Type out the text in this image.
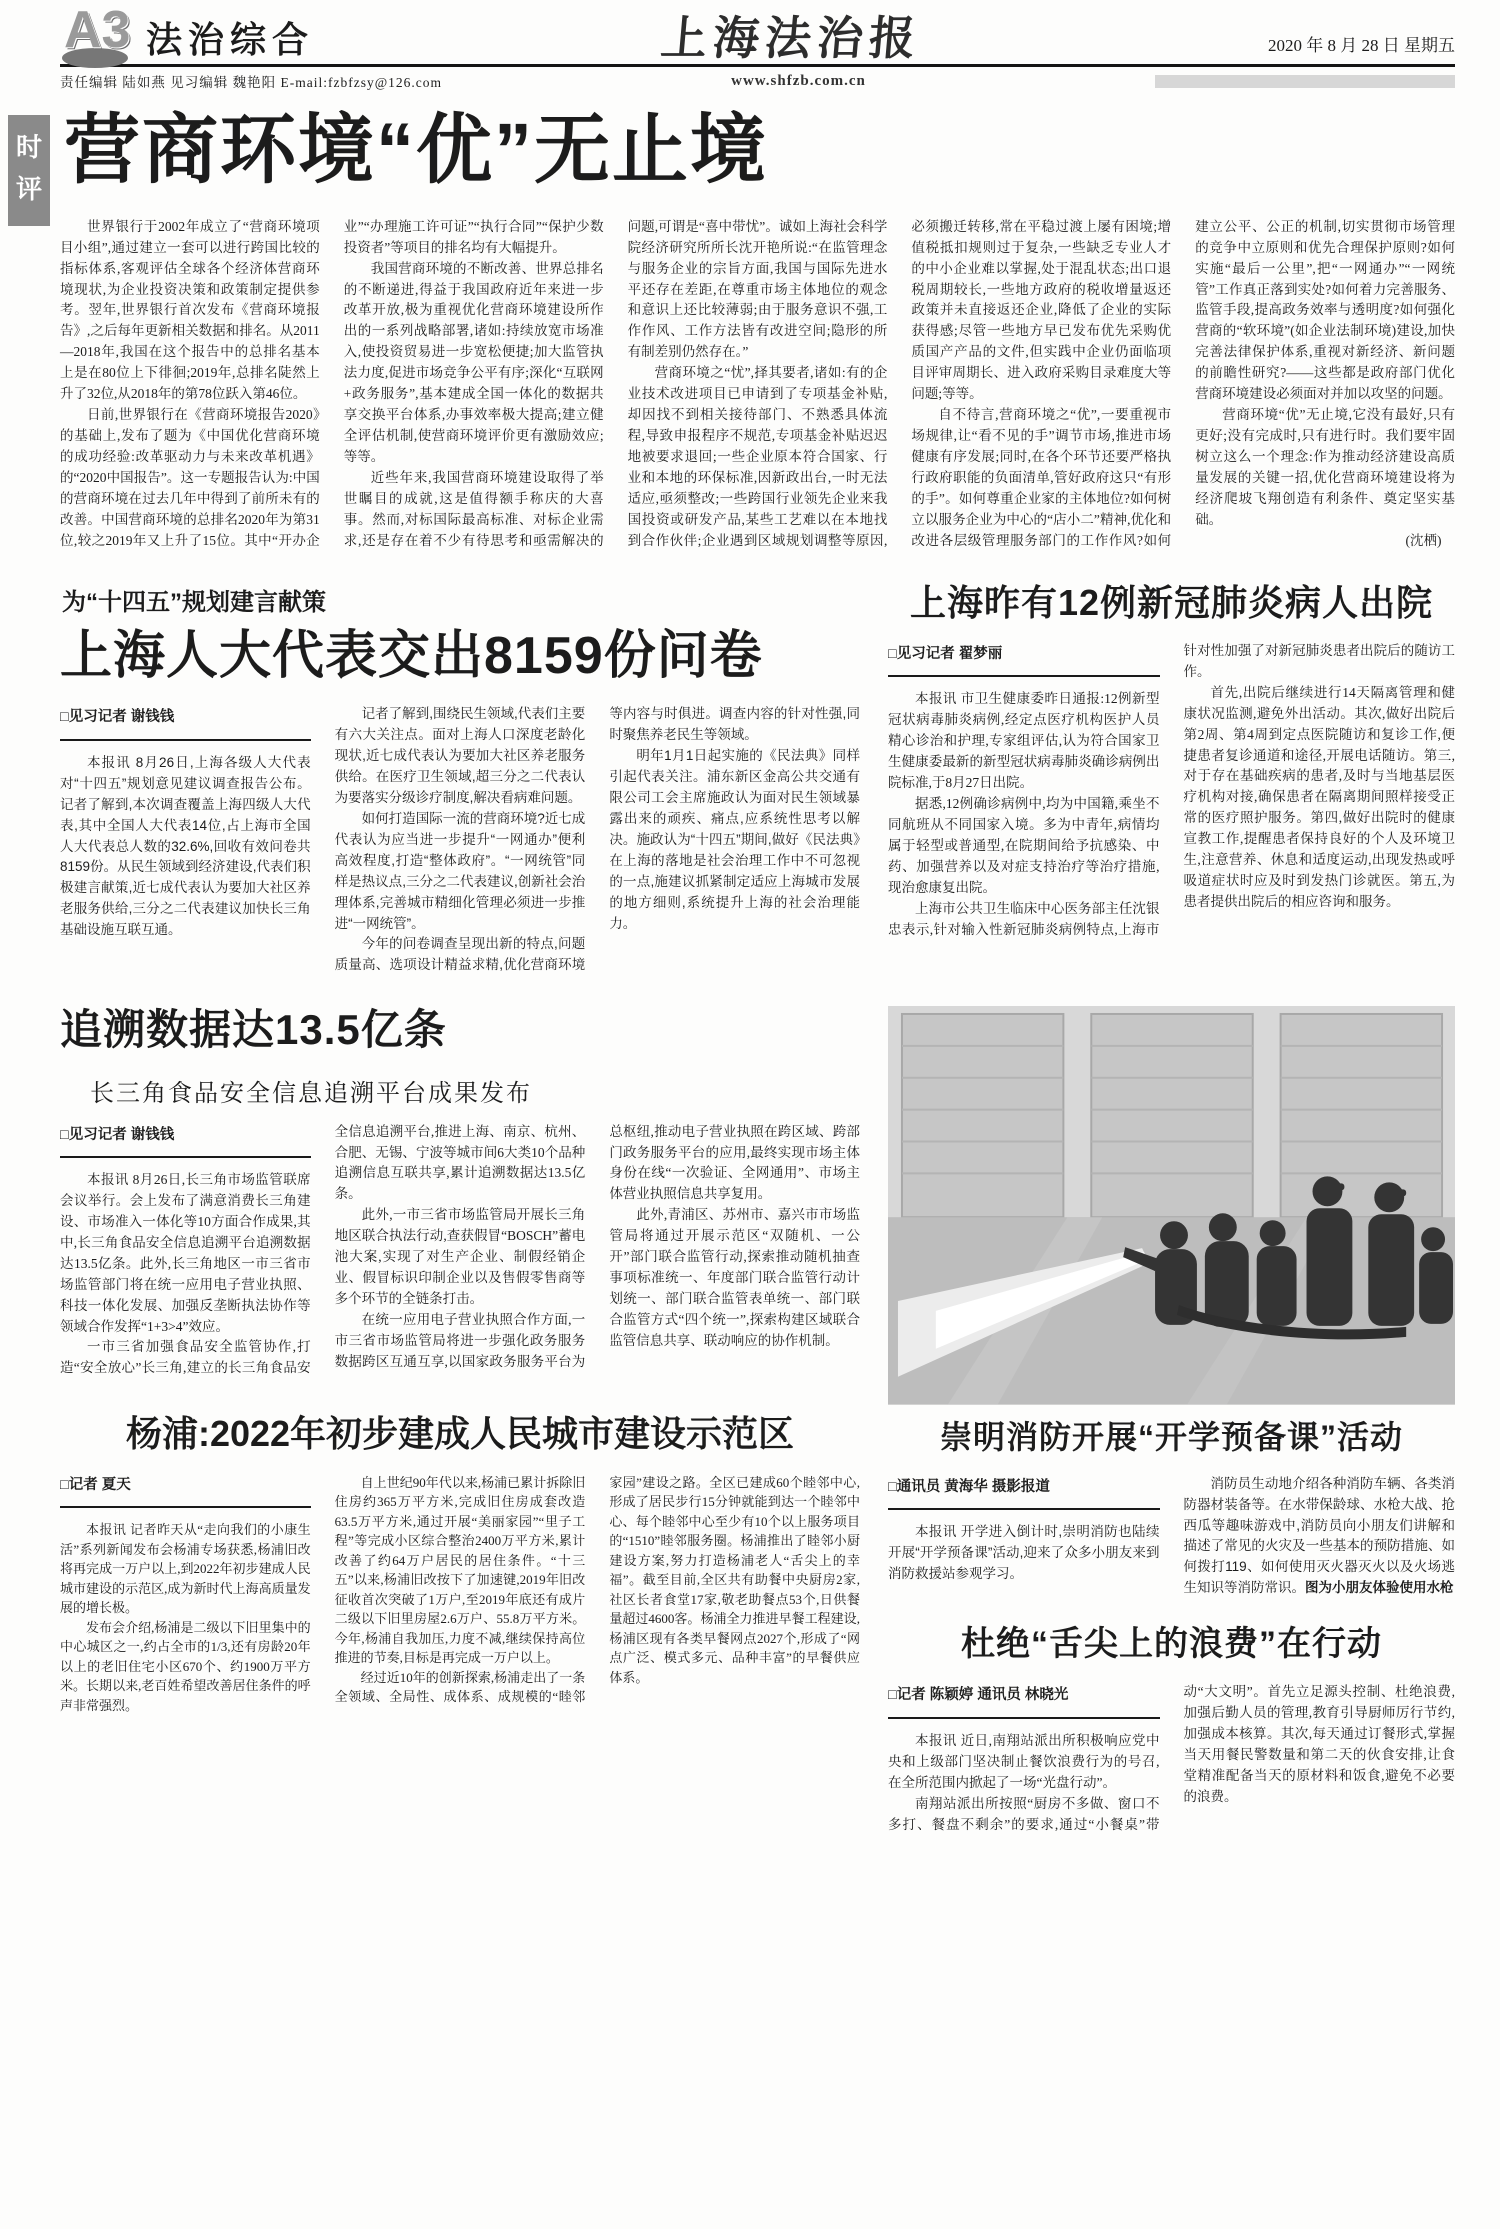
A3 法治综合	上海法治报	2020 年 8 月 28 日 星期五
责任编辑 陆如燕 见习编辑 魏艳阳 E-mail:fzbfzsy@126.com	www.shfzb.com.cn
时评 营商环境“优”无止境

世界银行于2002年成立了“营商环境项目小组”,通过建立一套可以进行跨国比较的指标体系,客观评估全球各个经济体营商环境现状,为企业投资决策和政策制定提供参考。翌年,世界银行首次发布《营商环境报告》,之后每年更新相关数据和排名。从2011—2018年,我国在这个报告中的总排名基本上是在80位上下徘徊;2019年,总排名陡然上升了32位,从2018年的第78位跃入第46位。

日前,世界银行在《营商环境报告2020》的基础上,发布了题为《中国优化营商环境的成功经验:改革驱动力与未来改革机遇》的“2020中国报告”。这一专题报告认为:中国的营商环境在过去几年中得到了前所未有的改善。中国营商环境的总排名2020年为第31位,较之2019年又上升了15位。其中“开办企业”“办理施工许可证”“执行合同”“保护少数投资者”等项目的排名均有大幅提升。

我国营商环境的不断改善、世界总排名的不断递进,得益于我国政府近年来进一步改革开放,极为重视优化营商环境建设所作出的一系列战略部署,诸如:持续放宽市场准入,使投资贸易进一步宽松便捷;加大监管执法力度,促进市场竞争公平有序;深化“互联网+政务服务”,基本建成全国一体化的数据共享交换平台体系,办事效率极大提高;建立健全评估机制,使营商环境评价更有激励效应;等等。

近些年来,我国营商环境建设取得了举世瞩目的成就,这是值得额手称庆的大喜事。然而,对标国际最高标准、对标企业需求,还是存在着不少有待思考和亟需解决的问题,可谓是“喜中带忧”。诚如上海社会科学院经济研究所所长沈开艳所说:“在监管理念与服务企业的宗旨方面,我国与国际先进水平还存在差距,在尊重市场主体地位的观念和意识上还比较薄弱;由于服务意识不强,工作作风、工作方法皆有改进空间;隐形的所有制差别仍然存在。”

营商环境之“忧”,择其要者,诸如:有的企业技术改进项目已申请到了专项基金补贴,却因找不到相关接待部门、不熟悉具体流程,导致申报程序不规范,专项基金补贴迟迟地被要求退回;一些企业原本符合国家、行业和本地的环保标准,因新政出台,一时无法适应,亟须整改;一些跨国行业领先企业来我国投资或研发产品,某些工艺难以在本地找到合作伙伴;企业遇到区域规划调整等原因,必须搬迁转移,常在平稳过渡上屡有困境;增值税抵扣规则过于复杂,一些缺乏专业人才的中小企业难以掌握,处于混乱状态;出口退税周期较长,一些地方政府的税收增量返还政策并未直接返还企业,降低了企业的实际获得感;尽管一些地方早已发布优先采购优质国产产品的文件,但实践中企业仍面临项目评审周期长、进入政府采购目录难度大等问题;等等。

自不待言,营商环境之“优”,一要重视市场规律,让“看不见的手”调节市场,推进市场健康有序发展;同时,在各个环节还要严格执行政府职能的负面清单,管好政府这只“有形的手”。如何尊重企业家的主体地位?如何树立以服务企业为中心的“店小二”精神,优化和改进各层级管理服务部门的工作作风?如何建立公平、公正的机制,切实贯彻市场管理的竞争中立原则和优先合理保护原则?如何实施“最后一公里”,把“一网通办”“一网统管”工作真正落到实处?如何着力完善服务、监管手段,提高政务效率与透明度?如何强化营商的“软环境”(如企业法制环境)建设,加快完善法律保护体系,重视对新经济、新问题的前瞻性研究?——这些都是政府部门优化营商环境建设必须面对并加以攻坚的问题。

营商环境“优”无止境,它没有最好,只有更好;没有完成时,只有进行时。我们要牢固树立这么一个理念:作为推动经济建设高质量发展的关键一招,优化营商环境建设将为经济爬坡飞翔创造有利条件、奠定坚实基础。

(沈栖)

为“十四五”规划建言献策
上海人大代表交出8159份问卷
□见习记者 谢钱钱

本报讯 8月26日,上海各级人大代表对“十四五”规划意见建议调查报告公布。记者了解到,本次调查覆盖上海四级人大代表,其中全国人大代表14位,占上海市全国人大代表总人数的32.6%,回收有效问卷共8159份。从民生领域到经济建设,代表们积极建言献策,近七成代表认为要加大社区养老服务供给,三分之二代表建议加快长三角基础设施互联互通。

记者了解到,围绕民生领域,代表们主要有六大关注点。面对上海人口深度老龄化现状,近七成代表认为要加大社区养老服务供给。在医疗卫生领域,超三分之二代表认为要落实分级诊疗制度,解决看病难问题。

如何打造国际一流的营商环境?近七成代表认为应当进一步提升“一网通办”便利高效程度,打造“整体政府”。“一网统管”同样是热议点,三分之二代表建议,创新社会治理体系,完善城市精细化管理必须进一步推进“一网统管”。

今年的问卷调查呈现出新的特点,问题质量高、选项设计精益求精,优化营商环境等内容与时俱进。调查内容的针对性强,同时聚焦养老民生等领域。

明年1月1日起实施的《民法典》同样引起代表关注。浦东新区金高公共交通有限公司工会主席施政认为面对民生领域暴露出来的顽疾、痛点,应系统性思考以解决。施政认为“十四五”期间,做好《民法典》在上海的落地是社会治理工作中不可忽视的一点,施建议抓紧制定适应上海城市发展的地方细则,系统提升上海的社会治理能力。

上海昨有12例新冠肺炎病人出院
□见习记者 翟梦丽

本报讯 市卫生健康委昨日通报:12例新型冠状病毒肺炎病例,经定点医疗机构医护人员精心诊治和护理,专家组评估,认为符合国家卫生健康委最新的新型冠状病毒肺炎确诊病例出院标准,于8月27日出院。

据悉,12例确诊病例中,均为中国籍,乘坐不同航班从不同国家入境。多为中青年,病情均属于轻型或普通型,在院期间给予抗感染、中药、加强营养以及对症支持治疗等治疗措施,现治愈康复出院。

上海市公共卫生临床中心医务部主任沈银忠表示,针对输入性新冠肺炎病例特点,上海市针对性加强了对新冠肺炎患者出院后的随访工作。

首先,出院后继续进行14天隔离管理和健康状况监测,避免外出活动。其次,做好出院后第2周、第4周到定点医院随访和复诊工作,便捷患者复诊通道和途径,开展电话随访。第三,对于存在基础疾病的患者,及时与当地基层医疗机构对接,确保患者在隔离期间照样接受正常的医疗照护服务。第四,做好出院时的健康宣教工作,提醒患者保持良好的个人及环境卫生,注意营养、休息和适度运动,出现发热或呼吸道症状时应及时到发热门诊就医。第五,为患者提供出院后的相应咨询和服务。

追溯数据达13.5亿条
长三角食品安全信息追溯平台成果发布
□见习记者 谢钱钱

本报讯 8月26日,长三角市场监管联席会议举行。会上发布了满意消费长三角建设、市场准入一体化等10方面合作成果,其中,长三角食品安全信息追溯平台追溯数据达13.5亿条。此外,长三角地区一市三省市场监管部门将在统一应用电子营业执照、科技一体化发展、加强反垄断执法协作等领域合作发挥“1+3>4”效应。

一市三省加强食品安全监管协作,打造“安全放心”长三角,建立的长三角食品安全信息追溯平台,推进上海、南京、杭州、合肥、无锡、宁波等城市间6大类10个品种追溯信息互联共享,累计追溯数据达13.5亿条。

此外,一市三省市场监管局开展长三角地区联合执法行动,查获假冒“BOSCH”蓄电池大案,实现了对生产企业、制假经销企业、假冒标识印制企业以及售假零售商等多个环节的全链条打击。

在统一应用电子营业执照合作方面,一市三省市场监管局将进一步强化政务服务数据跨区互通互享,以国家政务服务平台为总枢纽,推动电子营业执照在跨区域、跨部门政务服务平台的应用,最终实现市场主体身份在线“一次验证、全网通用”、市场主体营业执照信息共享复用。

此外,青浦区、苏州市、嘉兴市市场监管局将通过开展示范区“双随机、一公开”部门联合监管行动,探索推动随机抽查事项标准统一、年度部门联合监管行动计划统一、部门联合监管表单统一、部门联合监管方式“四个统一”,探索构建区域联合监管信息共享、联动响应的协作机制。

杨浦:2022年初步建成人民城市建设示范区
□记者 夏天

本报讯 记者昨天从“走向我们的小康生活”系列新闻发布会杨浦专场获悉,杨浦旧改将再完成一万户以上,到2022年初步建成人民城市建设的示范区,成为新时代上海高质量发展的增长极。

发布会介绍,杨浦是二级以下旧里集中的中心城区之一,约占全市的1/3,还有房龄20年以上的老旧住宅小区670个、约1900万平方米。长期以来,老百姓希望改善居住条件的呼声非常强烈。

自上世纪90年代以来,杨浦已累计拆除旧住房约365万平方米,完成旧住房成套改造63.5万平方米,通过开展“美丽家园”“里子工程”等完成小区综合整治2400万平方米,累计改善了约64万户居民的居住条件。“十三五”以来,杨浦旧改按下了加速键,2019年旧改征收首次突破了1万户,至2019年底还有成片二级以下旧里房屋2.6万户、55.8万平方米。今年,杨浦自我加压,力度不减,继续保持高位推进的节奏,目标是再完成一万户以上。

经过近10年的创新探索,杨浦走出了一条全领域、全局性、成体系、成规模的“睦邻家园”建设之路。全区已建成60个睦邻中心,形成了居民步行15分钟就能到达一个睦邻中心、每个睦邻中心至少有10个以上服务项目的“1510”睦邻服务圈。杨浦推出了睦邻小厨建设方案,努力打造杨浦老人“舌尖上的幸福”。截至目前,全区共有助餐中央厨房2家,社区长者食堂17家,敬老助餐点53个,日供餐量超过4600客。杨浦全力推进早餐工程建设,杨浦区现有各类早餐网点2027个,形成了“网点广泛、模式多元、品种丰富”的早餐供应体系。

崇明消防开展“开学预备课”活动
□通讯员 黄海华 摄影报道

本报讯 开学进入倒计时,崇明消防也陆续开展“开学预备课”活动,迎来了众多小朋友来到消防救援站参观学习。

消防员生动地介绍各种消防车辆、各类消防器材装备等。在水带保龄球、水枪大战、抢西瓜等趣味游戏中,消防员向小朋友们讲解和描述了常见的火灾及一些基本的预防措施、如何拨打119、如何使用灭火器灭火以及火场逃生知识等消防常识。图为小朋友体验使用水枪

杜绝“舌尖上的浪费”在行动
□记者 陈颖婷 通讯员 林晓光

本报讯 近日,南翔站派出所积极响应党中央和上级部门坚决制止餐饮浪费行为的号召,在全所范围内掀起了一场“光盘行动”。

南翔站派出所按照“厨房不多做、窗口不多打、餐盘不剩余”的要求,通过“小餐桌”带动“大文明”。首先立足源头控制、杜绝浪费,加强后勤人员的管理,教育引导厨师厉行节约,加强成本核算。其次,每天通过订餐形式,掌握当天用餐民警数量和第二天的伙食安排,让食堂精准配备当天的原材料和饭食,避免不必要的浪费。
